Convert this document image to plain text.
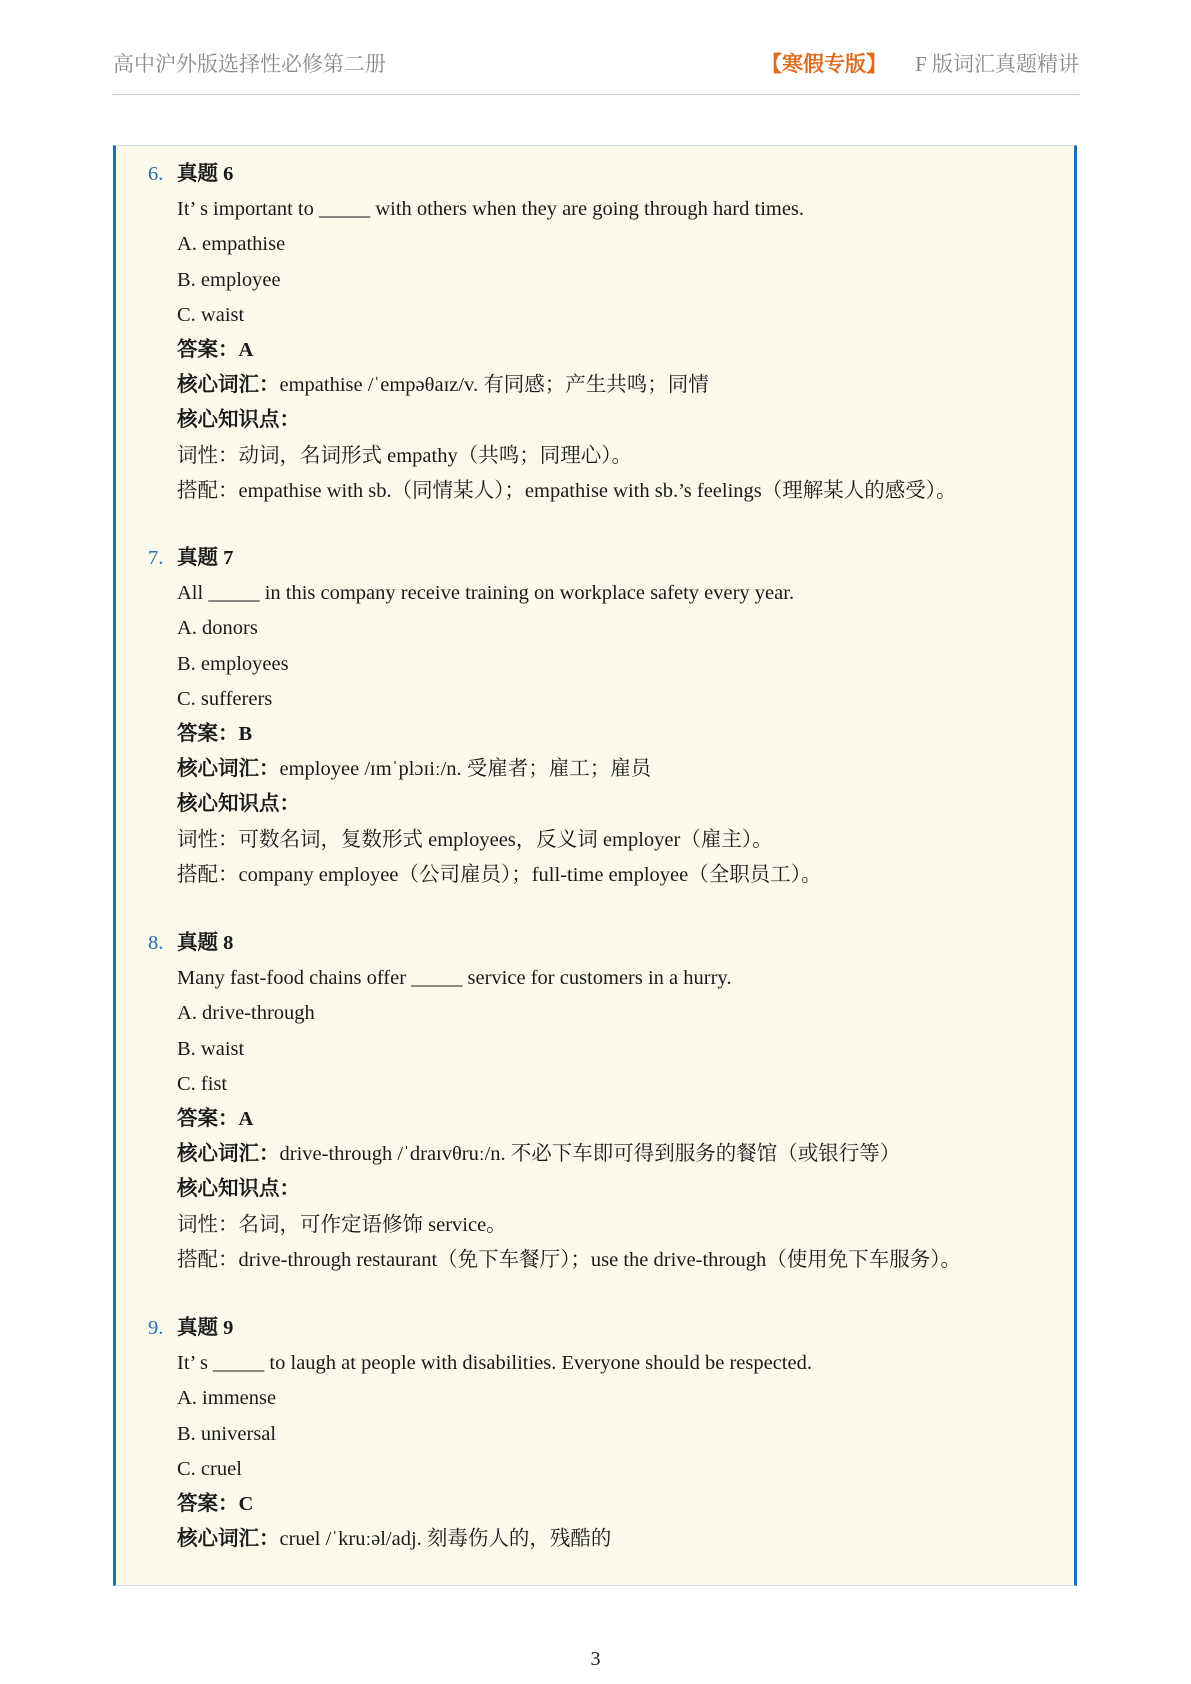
高中沪外版选择性必修第二册	【寒假专版】 F 版词汇真题精讲
6. 真题 6
It’ s important to _____ with others when they are going through hard times.
A. empathise
B. employee
C. waist
答案：A
核心词汇：empathise /ˈempəθaɪz/v. 有同感；产生共鸣；同情
核心知识点：
词性：动词，名词形式 empathy（共鸣；同理心）。
搭配：empathise with sb.（同情某人）；empathise with sb.’s feelings（理解某人的感受）。
7. 真题 7
All _____ in this company receive training on workplace safety every year.
A. donors
B. employees
C. sufferers
答案：B
核心词汇：employee /ɪmˈplɔɪiː/n. 受雇者；雇工；雇员
核心知识点：
词性：可数名词，复数形式 employees，反义词 employer（雇主）。
搭配：company employee（公司雇员）；full-time employee（全职员工）。
8. 真题 8
Many fast-food chains offer _____ service for customers in a hurry.
A. drive-through
B. waist
C. fist
答案：A
核心词汇：drive-through /ˈdraɪvθruː/n. 不必下车即可得到服务的餐馆（或银行等）
核心知识点：
词性：名词，可作定语修饰 service。
搭配：drive-through restaurant（免下车餐厅）；use the drive-through（使用免下车服务）。
9. 真题 9
It’ s _____ to laugh at people with disabilities. Everyone should be respected.
A. immense
B. universal
C. cruel
答案：C
核心词汇：cruel /ˈkruːəl/adj. 刻毒伤人的，残酷的
3
